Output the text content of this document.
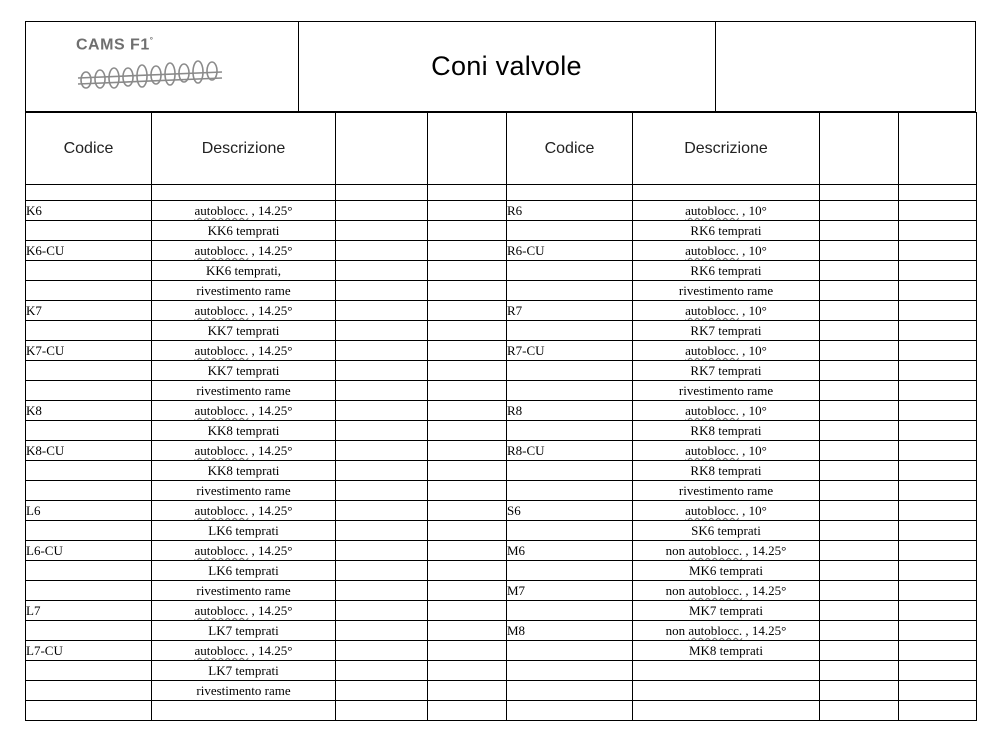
CAMS F1°
Coni valvole
Codice	Descrizione			Codice	Descrizione		

K6	autoblocc. , 14.25°			R6	autoblocc. , 10°		
	KK6 temprati				RK6 temprati		
K6-CU	autoblocc. , 14.25°			R6-CU	autoblocc. , 10°		
	KK6 temprati,				RK6 temprati		
	rivestimento rame				rivestimento rame		
K7	autoblocc. , 14.25°			R7	autoblocc. , 10°		
	KK7 temprati				RK7 temprati		
K7-CU	autoblocc. , 14.25°			R7-CU	autoblocc. , 10°		
	KK7 temprati				RK7 temprati		
	rivestimento rame				rivestimento rame		
K8	autoblocc. , 14.25°			R8	autoblocc. , 10°		
	KK8 temprati				RK8 temprati		
K8-CU	autoblocc. , 14.25°			R8-CU	autoblocc. , 10°		
	KK8 temprati				RK8 temprati		
	rivestimento rame				rivestimento rame		
L6	autoblocc. , 14.25°			S6	autoblocc. , 10°		
	LK6 temprati				SK6 temprati		
L6-CU	autoblocc. , 14.25°			M6	non autoblocc. , 14.25°		
	LK6 temprati				MK6 temprati		
	rivestimento rame			M7	non autoblocc. , 14.25°		
L7	autoblocc. , 14.25°				MK7 temprati		
	LK7 temprati			M8	non autoblocc. , 14.25°		
L7-CU	autoblocc. , 14.25°				MK8 temprati		
	LK7 temprati						
	rivestimento rame						
